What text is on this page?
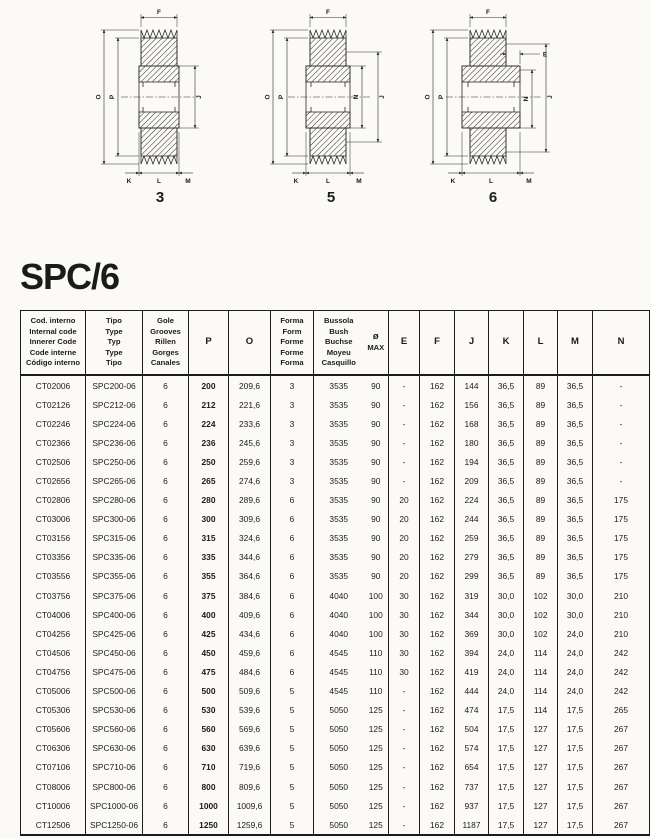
F
O P	J
K	L	M
3
F
O P	N	J
K	L	M
5
F
E
O P	N	J
K	L	M
6
SPC/6
Cod. interno
Internal code
Innerer Code
Code interne
Código interno

Tipo
Type
Typ
Type
Tipo

Gole
Grooves
Rillen
Gorges
Canales
	P	O	
Forma
Form
Forme
Forme
Forma

Bussola
Bush
Buchse
Moyeu
Casquillo

ø
MAX	E	F	J	K	L	M	N
CT02006	SPC200-06	6	200	209,6	3	3535	90	-	162	144	36,5	89	36,5	-
CT02126	SPC212-06	6	212	221,6	3	3535	90	-	162	156	36,5	89	36,5	-
CT02246	SPC224-06	6	224	233,6	3	3535	90	-	162	168	36,5	89	36,5	-
CT02366	SPC236-06	6	236	245,6	3	3535	90	-	162	180	36,5	89	36,5	-
CT02506	SPC250-06	6	250	259,6	3	3535	90	-	162	194	36,5	89	36,5	-
CT02656	SPC265-06	6	265	274,6	3	3535	90	-	162	209	36,5	89	36,5	-
CT02806	SPC280-06	6	280	289,6	6	3535	90	20	162	224	36,5	89	36,5	175
CT03006	SPC300-06	6	300	309,6	6	3535	90	20	162	244	36,5	89	36,5	175
CT03156	SPC315-06	6	315	324,6	6	3535	90	20	162	259	36,5	89	36,5	175
CT03356	SPC335-06	6	335	344,6	6	3535	90	20	162	279	36,5	89	36,5	175
CT03556	SPC355-06	6	355	364,6	6	3535	90	20	162	299	36,5	89	36,5	175
CT03756	SPC375-06	6	375	384,6	6	4040	100	30	162	319	30,0	102	30,0	210
CT04006	SPC400-06	6	400	409,6	6	4040	100	30	162	344	30,0	102	30,0	210
CT04256	SPC425-06	6	425	434,6	6	4040	100	30	162	369	30,0	102	24,0	210
CT04506	SPC450-06	6	450	459,6	6	4545	110	30	162	394	24,0	114	24,0	242
CT04756	SPC475-06	6	475	484,6	6	4545	110	30	162	419	24,0	114	24,0	242
CT05006	SPC500-06	6	500	509,6	5	4545	110	-	162	444	24,0	114	24,0	242
CT05306	SPC530-06	6	530	539,6	5	5050	125	-	162	474	17,5	114	17,5	265
CT05606	SPC560-06	6	560	569,6	5	5050	125	-	162	504	17,5	127	17,5	267
CT06306	SPC630-06	6	630	639,6	5	5050	125	-	162	574	17,5	127	17,5	267
CT07106	SPC710-06	6	710	719,6	5	5050	125	-	162	654	17,5	127	17,5	267
CT08006	SPC800-06	6	800	809,6	5	5050	125	-	162	737	17,5	127	17,5	267
CT10006	SPC1000-06	6	1000	1009,6	5	5050	125	-	162	937	17,5	127	17,5	267
CT12506	SPC1250-06	6	1250	1259,6	5	5050	125	-	162	1187	17,5	127	17,5	267
